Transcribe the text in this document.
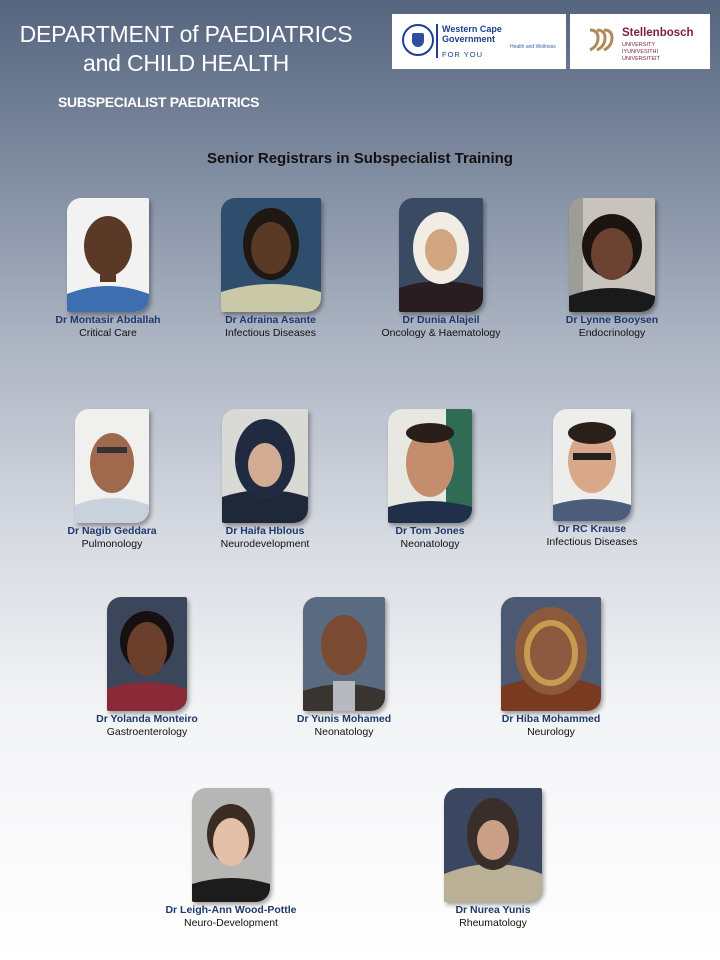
DEPARTMENT of PAEDIATRICS
and CHILD HEALTH
SUBSPECIALIST PAEDIATRICS
Western Cape
Government
FOR YOU
Health and Wellness
Stellenbosch
UNIVERSITY
IYUNIVESITHI
UNIVERSITEIT
Senior Registrars in Subspecialist Training
Dr Montasir Abdallah
Critical Care
Dr Adraina Asante
Infectious Diseases
Dr Dunia Alajeil
Oncology & Haematology
Dr Lynne Booysen
Endocrinology
Dr Nagib Geddara
Pulmonology
Dr Haifa Hblous
Neurodevelopment
Dr Tom Jones
Neonatology
Dr RC Krause
Infectious Diseases
Dr Yolanda Monteiro
Gastroenterology
Dr Yunis Mohamed
Neonatology
Dr Hiba Mohammed
Neurology
Dr Leigh-Ann Wood-Pottle
Neuro-Development
Dr Nurea Yunis
Rheumatology
